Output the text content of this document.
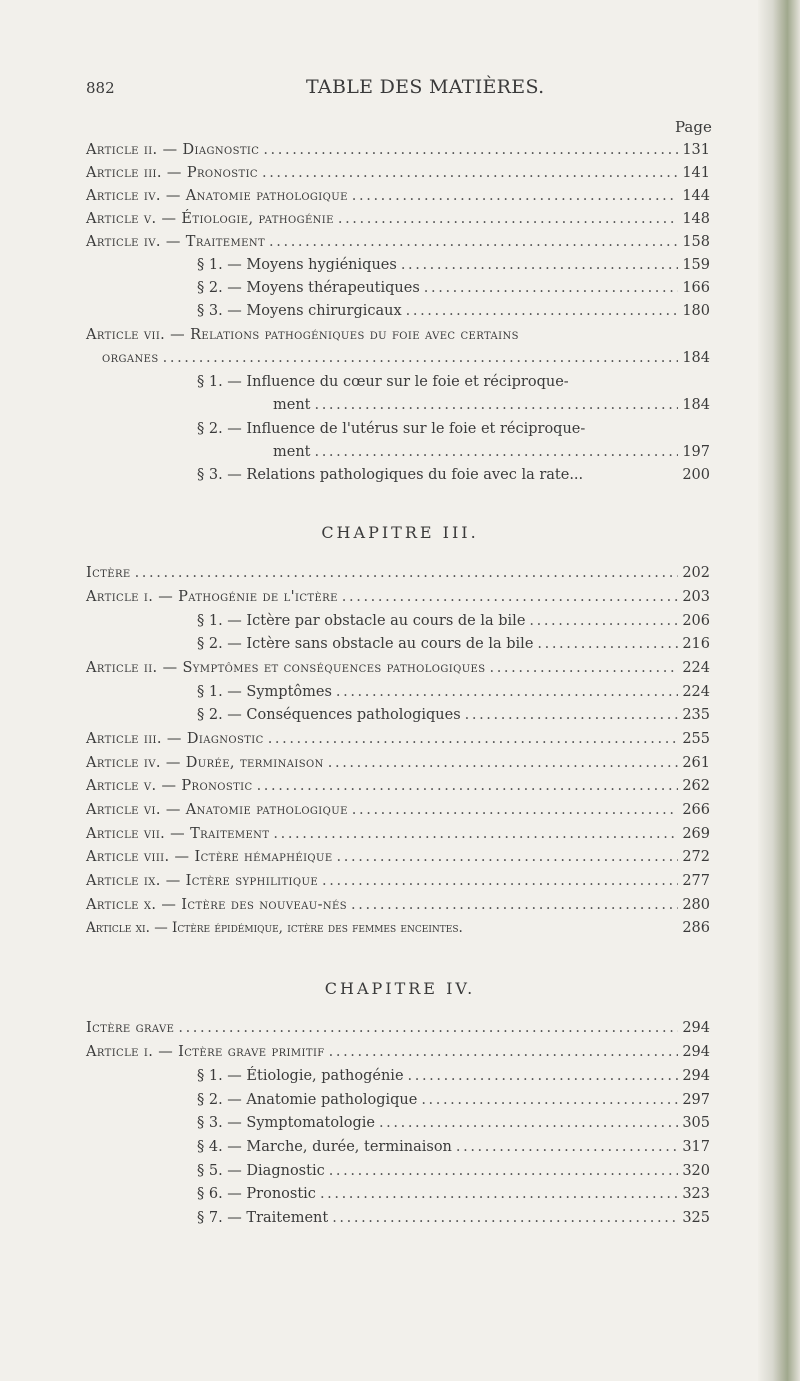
882	TABLE DES MATIÈRES.
Page
Article ii. — Diagnostic . . .	131
Article iii. — Pronostic . . .	141
Article iv. — Anatomie pathologique . . .	144
Article v. — Étiologie, pathogénie . . .	148
Article iv. — Traitement . . .	158
§ 1. — Moyens hygiéniques . . .	159
§ 2. — Moyens thérapeutiques . . .	166
§ 3. — Moyens chirurgicaux . . .	180
Article vii. — Relations pathogéniques du foie avec certains
organes . . .	184
§ 1. — Influence du cœur sur le foie et réciproque-
ment . . .	184
§ 2. — Influence de l'utérus sur le foie et réciproque-
ment . . .	197
§ 3. — Relations pathologiques du foie avec la rate...	200
CHAPITRE III.
Ictère . . .	202
Article i. — Pathogénie de l'ictère . . .	203
§ 1. — Ictère par obstacle au cours de la bile . . .	206
§ 2. — Ictère sans obstacle au cours de la bile . . .	216
Article ii. — Symptômes et conséquences pathologiques . . .	224
§ 1. — Symptômes . . .	224
§ 2. — Conséquences pathologiques . . .	235
Article iii. — Diagnostic . . .	255
Article iv. — Durée, terminaison . . .	261
Article v. — Pronostic . . .	262
Article vi. — Anatomie pathologique . . .	266
Article vii. — Traitement . . .	269
Article viii. — Ictère hémaphéique . . .	272
Article ix. — Ictère syphilitique . . .	277
Article x. — Ictère des nouveau-nés . . .	280
Article xi. — Ictère épidémique, ictère des femmes enceintes.	286
CHAPITRE IV.
Ictère grave . . .	294
Article i. — Ictère grave primitif . . .	294
§ 1. — Étiologie, pathogénie . . .	294
§ 2. — Anatomie pathologique . . .	297
§ 3. — Symptomatologie . . .	305
§ 4. — Marche, durée, terminaison . . .	317
§ 5. — Diagnostic . . .	320
§ 6. — Pronostic . . .	323
§ 7. — Traitement . . .	325
